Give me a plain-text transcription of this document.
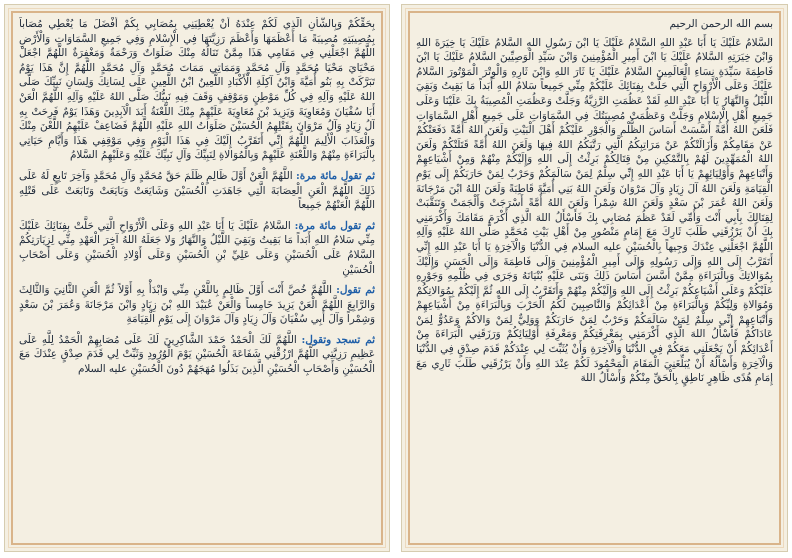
بِحَقِّكُمْ وَبِالشَّأْنِ الَّذِي لَكُمْ عِنْدَهُ أَنْ يُعْطِيَنِي بِمُصَابِي بِكُمْ أَفْضَلَ مَا يُعْطِي مُصَاباً بِمُصِيبَتِهِ مُصِيبَةً مَا أَعْظَمَهَا وَأَعْظَمَ رَزِيَّتَهَا فِي الْإِسْلامِ وَفِي جَمِيعِ السَّمَاوَاتِ وَالْأَرْضِ اللَّهُمَّ اجْعَلْنِي فِي مَقَامِي هَذَا مِمَّنْ تَنَالُهُ مِنْكَ صَلَوَاتٌ وَرَحْمَةٌ وَمَغْفِرَةٌ اللَّهُمَّ اجْعَلْ مَحْيَايَ مَحْيَا مُحَمَّدٍ وَآلِ مُحَمَّدٍ وَمَمَاتِي مَمَاتَ مُحَمَّدٍ وَآلِ مُحَمَّدٍ اللَّهُمَّ إِنَّ هَذَا يَوْمٌ تَبَرَّكَتْ بِهِ بَنُو أُمَيَّةَ وَابْنُ آكِلَةِ الْأَكْبَادِ اللَّعِينُ ابْنُ اللَّعِينِ عَلَى لِسَانِكَ وَلِسَانِ نَبِيِّكَ صَلَّى اللهُ عَلَيْهِ وَآلِهِ فِي كُلِّ مَوْطِنٍ وَمَوْقِفٍ وَقَفَ فِيهِ نَبِيُّكَ صَلَّى اللهُ عَلَيْهِ وَآلِهِ اللَّهُمَّ الْعَنْ أَبَا سُفْيَانَ وَمُعَاوِيَةَ وَيَزِيدَ بْنَ مُعَاوِيَةَ عَلَيْهِمْ مِنْكَ اللَّعْنَةُ أَبَدَ الْآبِدِينَ وَهَذَا يَوْمٌ فَرِحَتْ بِهِ آلُ زِيَادٍ وَآلُ مَرْوَانَ بِقَتْلِهِمُ الْحُسَيْنَ صَلَوَاتُ اللهِ عَلَيْهِ اللَّهُمَّ فَضَاعِفْ عَلَيْهِمُ اللَّعْنَ مِنْكَ وَالْعَذَابَ الْأَلِيمَ اللَّهُمَّ إِنِّي أَتَقَرَّبُ إِلَيْكَ فِي هَذَا الْيَوْمِ وَفِي مَوْقِفِي هَذَا وَأَيَّامِ حَيَاتِي بِالْبَرَاءَةِ مِنْهُمْ وَاللَّعْنَةِ عَلَيْهِمْ وَبِالْمُوَالاةِ لِنَبِيِّكَ وَآلِ نَبِيِّكَ عَلَيْهِ وَعَلَيْهِمُ السَّلامُ

ثم تقول مائة مرة: اللَّهُمَّ الْعَنْ أَوَّلَ ظَالِمٍ ظَلَمَ حَقَّ مُحَمَّدٍ وَآلِ مُحَمَّدٍ وَآخِرَ تَابِعٍ لَهُ عَلَى ذَلِكَ اللَّهُمَّ الْعَنِ الْعِصَابَةَ الَّتِي جَاهَدَتِ الْحُسَيْنَ وَشَايَعَتْ وَبَايَعَتْ وَتَابَعَتْ عَلَى قَتْلِهِ اللَّهُمَّ الْعَنْهُمْ جَمِيعاً

ثم تقول مائة مرة: السَّلامُ عَلَيْكَ يَا أَبَا عَبْدِ اللهِ وَعَلَى الْأَرْوَاحِ الَّتِي حَلَّتْ بِفِنَائِكَ عَلَيْكَ مِنِّي سَلامُ اللهِ أَبَداً مَا بَقِيتُ وَبَقِيَ اللَّيْلُ وَالنَّهَارُ وَلا جَعَلَهُ اللهُ آخِرَ الْعَهْدِ مِنِّي لِزِيَارَتِكُمْ السَّلامُ عَلَى الْحُسَيْنِ وَعَلَى عَلِيِّ بْنِ الْحُسَيْنِ وَعَلَى أَوْلادِ الْحُسَيْنِ وَعَلَى أَصْحَابِ الْحُسَيْنِ

ثم تقول: اللَّهُمَّ خُصَّ أَنْتَ أَوَّلَ ظَالِمٍ بِاللَّعْنِ مِنِّي وَابْدَأْ بِهِ أَوَّلاً ثُمَّ الْعَنِ الثَّانِيَ وَالثَّالِثَ وَالرَّابِعَ اللَّهُمَّ الْعَنْ يَزِيدَ خَامِساً وَالْعَنْ عُبَيْدَ اللهِ بْنَ زِيَادٍ وَابْنَ مَرْجَانَةَ وَعُمَرَ بْنَ سَعْدٍ وَشِمْراً وَآلَ أَبِي سُفْيَانَ وَآلَ زِيَادٍ وَآلَ مَرْوَانَ إِلَى يَوْمِ الْقِيَامَةِ

ثم تسجد وتقول: اللَّهُمَّ لَكَ الْحَمْدُ حَمْدَ الشَّاكِرِينَ لَكَ عَلَى مُصَابِهِمْ الْحَمْدُ لِلَّهِ عَلَى عَظِيمِ رَزِيَّتِي اللَّهُمَّ ارْزُقْنِي شَفَاعَةَ الْحُسَيْنِ يَوْمَ الْوُرُودِ وَثَبِّتْ لِي قَدَمَ صِدْقٍ عِنْدَكَ مَعَ الْحُسَيْنِ وَأَصْحَابِ الْحُسَيْنِ الَّذِينَ بَذَلُوا مُهَجَهُمْ دُونَ الْحُسَيْنِ عليه السلام

بسم الله الرحمن الرحيم

السَّلامُ عَلَيْكَ يَا أَبَا عَبْدِ اللهِ السَّلامُ عَلَيْكَ يَا ابْنَ رَسُولِ اللهِ السَّلامُ عَلَيْكَ يَا خِيَرَةَ اللهِ وَابْنَ خِيَرَتِهِ السَّلامُ عَلَيْكَ يَا ابْنَ أَمِيرِ الْمُؤْمِنِينَ وَابْنَ سَيِّدِ الْوَصِيِّينَ السَّلامُ عَلَيْكَ يَا ابْنَ فَاطِمَةَ سَيِّدَةِ نِسَاءِ الْعَالَمِينَ السَّلامُ عَلَيْكَ يَا ثَارَ اللهِ وَابْنَ ثَارِهِ وَالْوِتْرَ الْمَوْتُورَ السَّلامُ عَلَيْكَ وَعَلَى الْأَرْوَاحِ الَّتِي حَلَّتْ بِفِنَائِكَ عَلَيْكُمْ مِنِّي جَمِيعاً سَلامُ اللهِ أَبَداً مَا بَقِيتُ وَبَقِيَ اللَّيْلُ وَالنَّهَارُ يَا أَبَا عَبْدِ اللهِ لَقَدْ عَظُمَتِ الرَّزِيَّةُ وَجَلَّتْ وَعَظُمَتِ الْمُصِيبَةُ بِكَ عَلَيْنَا وَعَلَى جَمِيعِ أَهْلِ الْإِسْلامِ وَجَلَّتْ وَعَظُمَتْ مُصِيبَتُكَ فِي السَّمَاوَاتِ عَلَى جَمِيعِ أَهْلِ السَّمَاوَاتِ فَلَعَنَ اللهُ أُمَّةً أَسَّسَتْ أَسَاسَ الظُّلْمِ وَالْجَوْرِ عَلَيْكُمْ أَهْلَ الْبَيْتِ وَلَعَنَ اللهُ أُمَّةً دَفَعَتْكُمْ عَنْ مَقَامِكُمْ وَأَزَالَتْكُمْ عَنْ مَرَاتِبِكُمُ الَّتِي رَتَّبَكُمُ اللهُ فِيهَا وَلَعَنَ اللهُ أُمَّةً قَتَلَتْكُمْ وَلَعَنَ اللهُ الْمُمَهِّدِينَ لَهُمْ بِالتَّمْكِينِ مِنْ قِتَالِكُمْ بَرِئْتُ إِلَى اللهِ وَإِلَيْكُمْ مِنْهُمْ وَمِنْ أَشْيَاعِهِمْ وَأَتْبَاعِهِمْ وَأَوْلِيَائِهِمْ يَا أَبَا عَبْدِ اللهِ إِنِّي سِلْمٌ لِمَنْ سَالَمَكُمْ وَحَرْبٌ لِمَنْ حَارَبَكُمْ إِلَى يَوْمِ الْقِيَامَةِ وَلَعَنَ اللهُ آلَ زِيَادٍ وَآلَ مَرْوَانَ وَلَعَنَ اللهُ بَنِي أُمَيَّةَ قَاطِبَةً وَلَعَنَ اللهُ ابْنَ مَرْجَانَةَ وَلَعَنَ اللهُ عُمَرَ بْنَ سَعْدٍ وَلَعَنَ اللهُ شِمْراً وَلَعَنَ اللهُ أُمَّةً أَسْرَجَتْ وَأَلْجَمَتْ وَتَنَقَّبَتْ لِقِتَالِكَ بِأَبِي أَنْتَ وَأُمِّي لَقَدْ عَظُمَ مُصَابِي بِكَ فَأَسْأَلُ اللهَ الَّذِي أَكْرَمَ مَقَامَكَ وَأَكْرَمَنِي بِكَ أَنْ يَرْزُقَنِي طَلَبَ ثَارِكَ مَعَ إِمَامٍ مَنْصُورٍ مِنْ أَهْلِ بَيْتِ مُحَمَّدٍ صَلَّى اللهُ عَلَيْهِ وَآلِهِ اللَّهُمَّ اجْعَلْنِي عِنْدَكَ وَجِيهاً بِالْحُسَيْنِ عليه السلام فِي الدُّنْيَا وَالْآخِرَةِ يَا أَبَا عَبْدِ اللهِ إِنِّي أَتَقَرَّبُ إِلَى اللهِ وَإِلَى رَسُولِهِ وَإِلَى أَمِيرِ الْمُؤْمِنِينَ وَإِلَى فَاطِمَةَ وَإِلَى الْحَسَنِ وَإِلَيْكَ بِمُوَالاتِكَ وَبِالْبَرَاءَةِ مِمَّنْ أَسَّسَ أَسَاسَ ذَلِكَ وَبَنَى عَلَيْهِ بُنْيَانَهُ وَجَرَى فِي ظُلْمِهِ وَجَوْرِهِ عَلَيْكُمْ وَعَلَى أَشْيَاعِكُمْ بَرِئْتُ إِلَى اللهِ وَإِلَيْكُمْ مِنْهُمْ وَأَتَقَرَّبُ إِلَى اللهِ ثُمَّ إِلَيْكُمْ بِمُوَالاتِكُمْ وَمُوَالاةِ وَلِيِّكُمْ وَبِالْبَرَاءَةِ مِنْ أَعْدَائِكُمْ وَالنَّاصِبِينَ لَكُمُ الْحَرْبَ وَبِالْبَرَاءَةِ مِنْ أَشْيَاعِهِمْ وَأَتْبَاعِهِمْ إِنِّي سِلْمٌ لِمَنْ سَالَمَكُمْ وَحَرْبٌ لِمَنْ حَارَبَكُمْ وَوَلِيٌّ لِمَنْ وَالاكُمْ وَعَدُوٌّ لِمَنْ عَادَاكُمْ فَأَسْأَلُ اللهَ الَّذِي أَكْرَمَنِي بِمَعْرِفَتِكُمْ وَمَعْرِفَةِ أَوْلِيَائِكُمْ وَرَزَقَنِي الْبَرَاءَةَ مِنْ أَعْدَائِكُمْ أَنْ يَجْعَلَنِي مَعَكُمْ فِي الدُّنْيَا وَالْآخِرَةِ وَأَنْ يُثَبِّتَ لِي عِنْدَكُمْ قَدَمَ صِدْقٍ فِي الدُّنْيَا وَالْآخِرَةِ وَأَسْأَلُهُ أَنْ يُبَلِّغَنِيَ الْمَقَامَ الْمَحْمُودَ لَكُمْ عِنْدَ اللهِ وَأَنْ يَرْزُقَنِي طَلَبَ ثَارِي مَعَ إِمَامِ هُدًى ظَاهِرٍ نَاطِقٍ بِالْحَقِّ مِنْكُمْ وَأَسْأَلُ اللهَ
